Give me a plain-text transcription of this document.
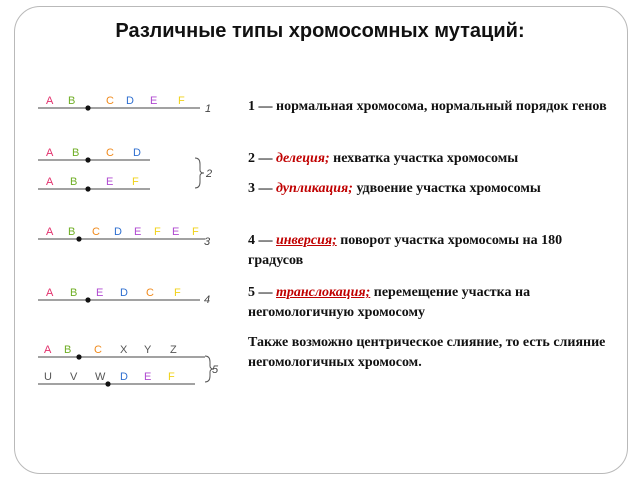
Различные типы хромосомных мутаций:
A B	C D E F
1
A B C D
A B	E F
2
A B C D E F E F
3
A B E D C F
4
A B C X Y Z
U V W D E F
5
1 — нормальная хромосома, нормальный порядок генов
2 — делеция; нехватка участка хромосомы
3 — дупликация; удвоение участка хромосомы
4 — инверсия; поворот участка хромосомы на 180 градусов
5 — транслокация; перемещение участка на негомологичную хромосому
Также возможно центрическое слияние, то есть слияние негомологичных хромосом.
